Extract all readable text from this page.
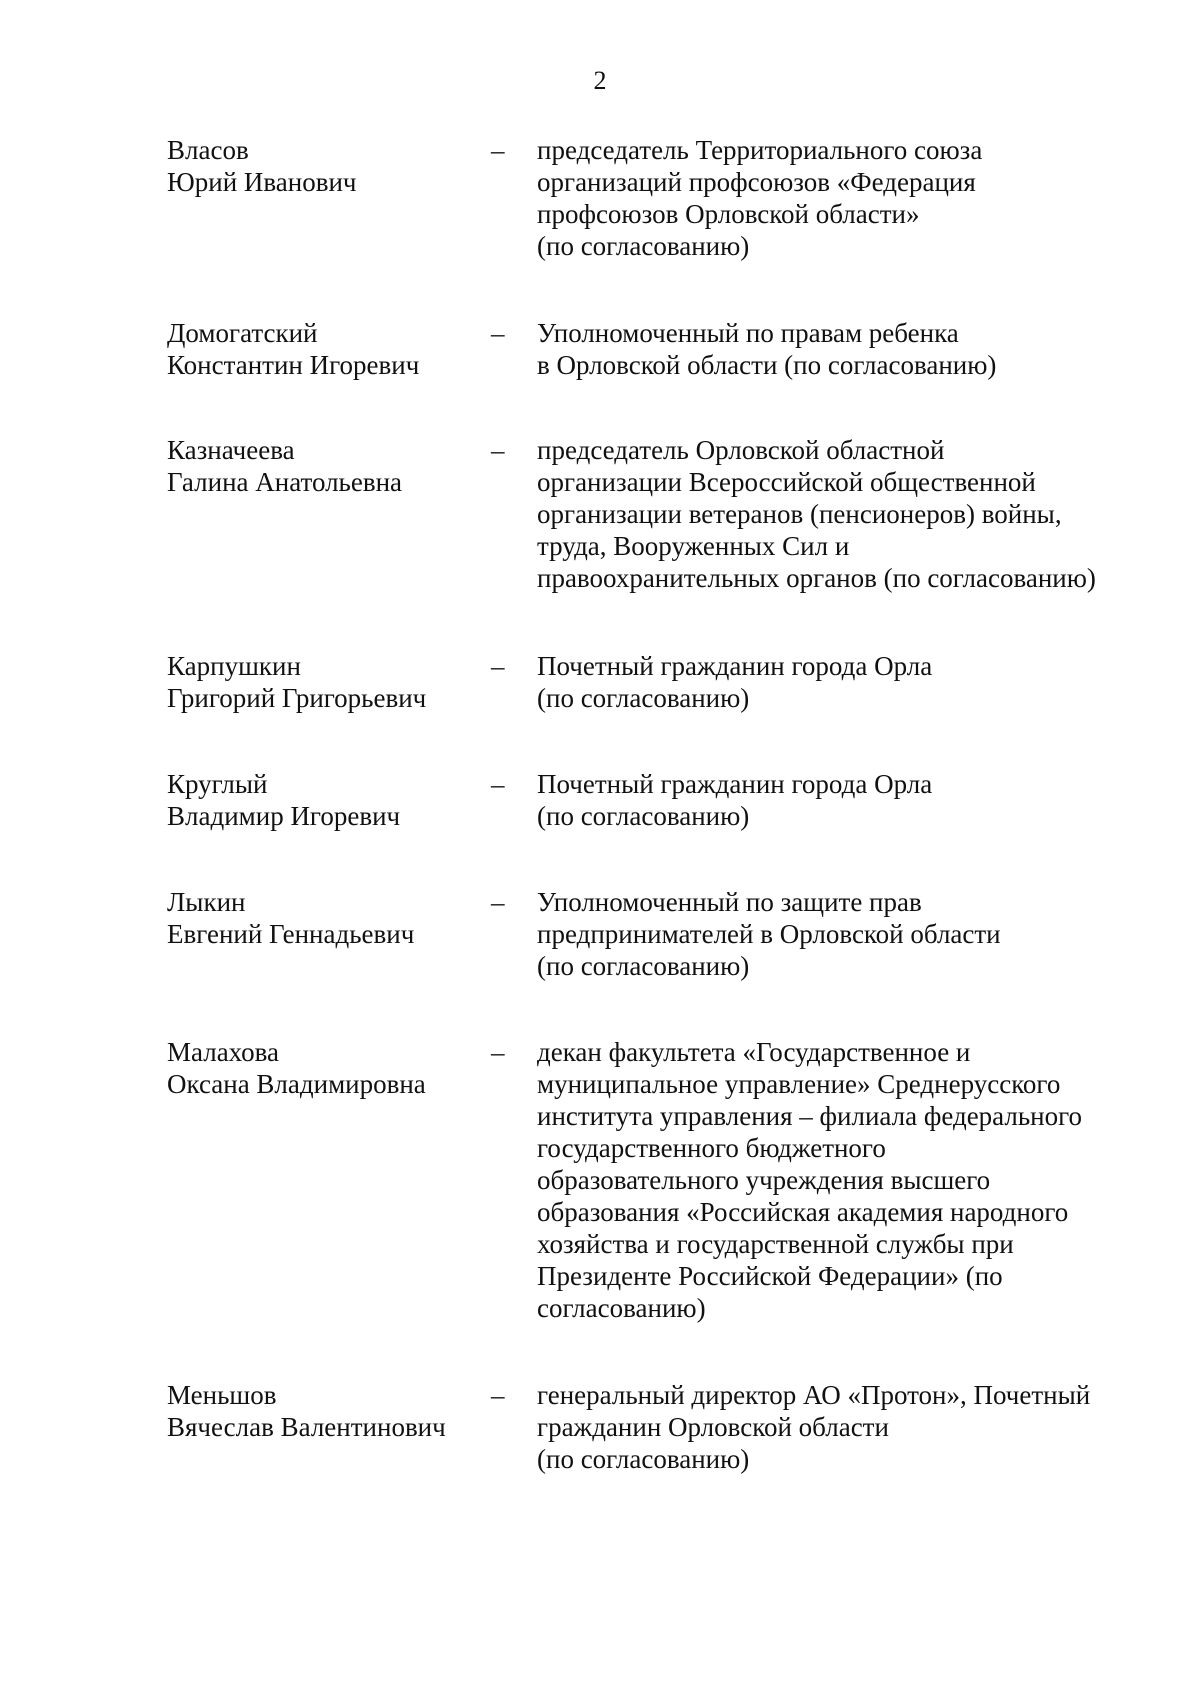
2
Власов
Юрий Иванович
– председатель Территориального союза
организаций профсоюзов «Федерация
профсоюзов Орловской области»
(по согласованию)
Домогатский
Константин Игоревич
– Уполномоченный по правам ребенка
в Орловской области (по согласованию)
Казначеева
Галина Анатольевна
– председатель Орловской областной
организации Всероссийской общественной
организации ветеранов (пенсионеров) войны,
труда, Вооруженных Сил и
правоохранительных органов (по согласованию)
Карпушкин
Григорий Григорьевич
– Почетный гражданин города Орла
(по согласованию)
Круглый
Владимир Игоревич
– Почетный гражданин города Орла
(по согласованию)
Лыкин
Евгений Геннадьевич
– Уполномоченный по защите прав
предпринимателей в Орловской области
(по согласованию)
Малахова
Оксана Владимировна
– декан факультета «Государственное и
муниципальное управление» Среднерусского
института управления – филиала федерального
государственного бюджетного
образовательного учреждения высшего
образования «Российская академия народного
хозяйства и государственной службы при
Президенте Российской Федерации» (по
согласованию)
Меньшов
Вячеслав Валентинович
– генеральный директор АО «Протон», Почетный
гражданин Орловской области
(по согласованию)
